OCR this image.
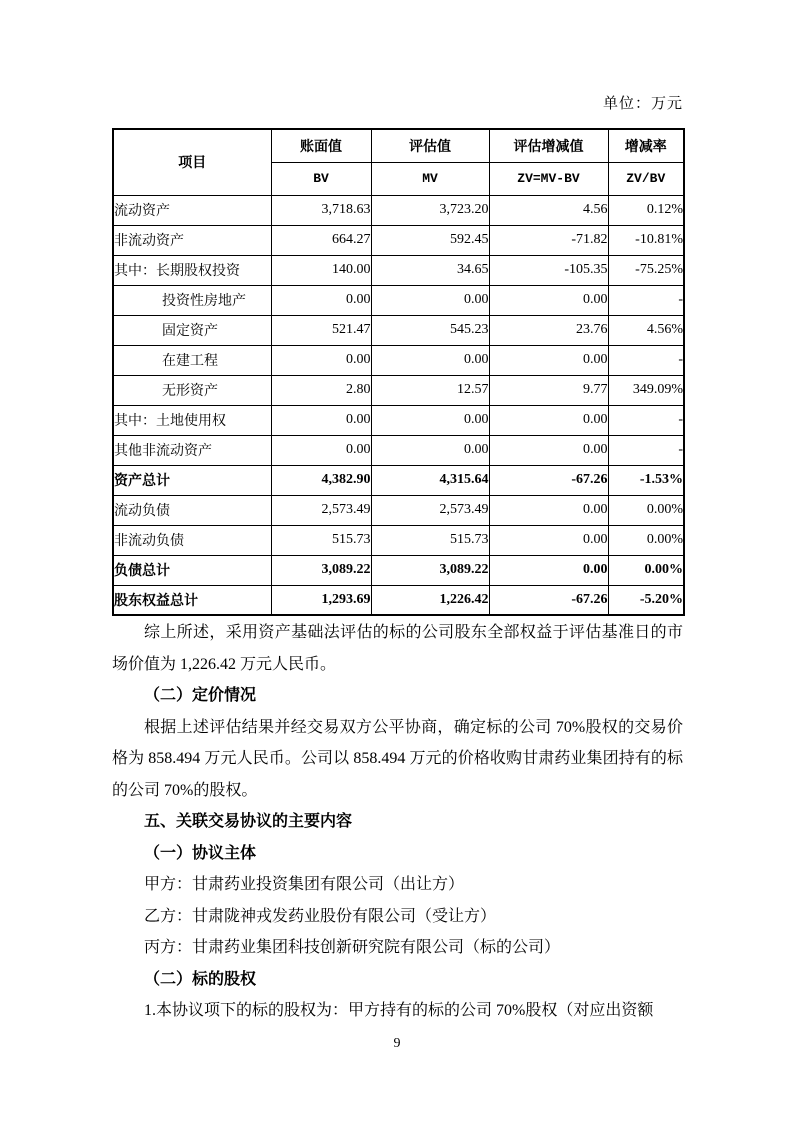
单位：万元
项目	账面值	评估值	评估增减值	增减率
	BV	MV	ZV=MV-BV	ZV/BV
流动资产	3,718.63	3,723.20	4.56	0.12%
非流动资产	664.27	592.45	-71.82	-10.81%
其中：长期股权投资	140.00	34.65	-105.35	-75.25%
投资性房地产	0.00	0.00	0.00	-
固定资产	521.47	545.23	23.76	4.56%
在建工程	0.00	0.00	0.00	-
无形资产	2.80	12.57	9.77	349.09%
其中：土地使用权	0.00	0.00	0.00	-
其他非流动资产	0.00	0.00	0.00	-
资产总计	4,382.90	4,315.64	-67.26	-1.53%
流动负债	2,573.49	2,573.49	0.00	0.00%
非流动负债	515.73	515.73	0.00	0.00%
负债总计	3,089.22	3,089.22	0.00	0.00%
股东权益总计	1,293.69	1,226.42	-67.26	-5.20%

综上所述，采用资产基础法评估的标的公司股东全部权益于评估基准日的市场价值为 1,226.42 万元人民币。

（二）定价情况

根据上述评估结果并经交易双方公平协商，确定标的公司 70%股权的交易价格为 858.494 万元人民币。公司以 858.494 万元的价格收购甘肃药业集团持有的标的公司 70%的股权。

五、关联交易协议的主要内容

（一）协议主体

甲方：甘肃药业投资集团有限公司（出让方）

乙方：甘肃陇神戎发药业股份有限公司（受让方）

丙方：甘肃药业集团科技创新研究院有限公司（标的公司）

（二）标的股权

1.本协议项下的标的股权为：甲方持有的标的公司 70%股权（对应出资额

9
